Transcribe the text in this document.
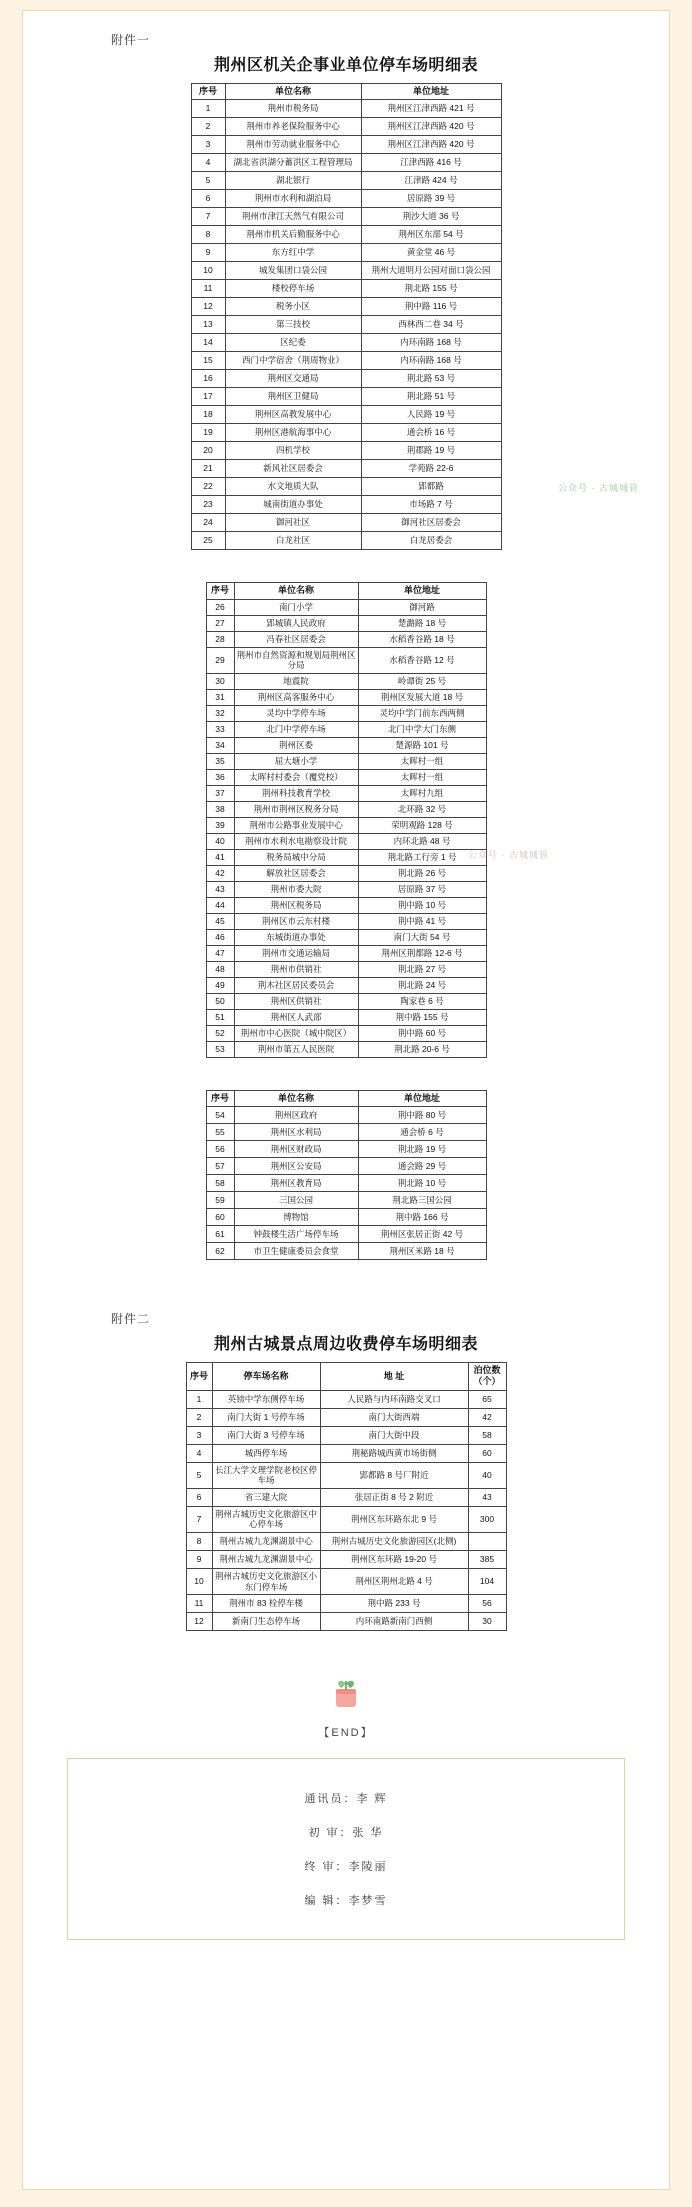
附件一
荆州区机关企事业单位停车场明细表
序号	单位名称	单位地址
1	荆州市税务局	荆州区江津西路 421 号
2	荆州市养老保险服务中心	荆州区江津西路 420 号
3	荆州市劳动就业服务中心	荆州区江津西路 420 号
4	湖北省洪湖分蓄洪区工程管理局	江津西路 416 号
5	湖北银行	江津路 424 号
6	荆州市水利和湖泊局	居原路 39 号
7	荆州市津江天然气有限公司	荆沙大道 36 号
8	荆州市机关后勤服务中心	荆州区东部 54 号
9	东方红中学	黄金堂 46 号
10	城发集团口袋公园	荆州大道明月公园对面口袋公园
11	楼校停车场	荆北路 155 号
12	税务小区	荆中路 116 号
13	第三技校	西林西二巷 34 号
14	区纪委	内环南路 168 号
15	西门中学宿舍（荆周物业）	内环南路 168 号
16	荆州区交通局	荆北路 53 号
17	荆州区卫健局	荆北路 51 号
18	荆州区高教发展中心	人民路 19 号
19	荆州区港航海事中心	通会桥 16 号
20	四机学校	荆郡路 19 号
21	新风社区居委会	学苑路 22-6
22	水文地质大队	郢都路
23	城南街道办事处	市场路 7 号
24	御河社区	御河社区居委会
25	白龙社区	白龙居委会
序号	单位名称	单位地址
26	南门小学	御河路
27	郢城镇人民政府	楚潞路 18 号
28	冯春社区居委会	水稻香谷路 18 号
29	荆州市自然资源和规划局荆州区分局	水稻香谷路 12 号
30	地震院	岭谭街 25 号
31	荆州区高客服务中心	荆州区发展大道 18 号
32	灵均中学停车场	灵均中学门前东西两侧
33	北门中学停车场	北门中学大门东侧
34	荆州区委	楚源路 101 号
35	屈大塘小学	太晖村一组
36	太晖村村委会（覆党校）	太晖村一组
37	荆州科技教育学校	太晖村九组
38	荆州市荆州区税务分局	北环路 32 号
39	荆州市公路事业发展中心	荣明观路 128 号
40	荆州市水利水电勘察设计院	内环北路 48 号
41	税务局城中分局	荆北路工行旁 1 号
42	解放社区居委会	荆北路 26 号
43	荆州市委大院	居原路 37 号
44	荆州区税务局	荆中路 10 号
45	荆州区市云东村楼	荆中路 41 号
46	东城街道办事处	南门大街 54 号
47	荆州市交通运输局	荆州区荆都路 12-6 号
48	荆州市供销社	荆北路 27 号
49	荆木社区居民委员会	荆北路 24 号
50	荆州区供销社	陶家巷 6 号
51	荆州区人武部	荆中路 155 号
52	荆州市中心医院（城中院区）	荆中路 60 号
53	荆州市第五人民医院	荆北路 20-6 号
序号	单位名称	单位地址
54	荆州区政府	荆中路 80 号
55	荆州区水利局	通会桥 6 号
56	荆州区财政局	荆北路 19 号
57	荆州区公安局	通会路 29 号
58	荆州区教育局	荆北路 10 号
59	三国公园	荆北路三国公园
60	博物馆	荆中路 166 号
61	钟鼓楼生活广场停车场	荆州区张居正街 42 号
62	市卫生健康委员会食堂	荆州区米路 18 号
附件二
荆州古城景点周边收费停车场明细表
序号	停车场名称	地 址	泊位数（个）
1	英镑中学东侧停车场	人民路与内环南路交叉口	65
2	南门大街 1 号停车场	南门大街西端	42
3	南门大街 3 号停车场	南门大街中段	58
4	城西停车场	荆秘路城西黄市场街侧	60
5	长江大学文理学院老校区停车场	郢都路 8 号厂附近	40
6	省三建大院	张居正街 8 号 2 附近	43
7	荆州古城历史文化旅游区中心停车场	荆州区东环路东北 9 号	300
8	荆州古城九龙渊湖景中心	荆州古城历史文化旅游园区(北侧)	
9	荆州古城九龙渊湖景中心	荆州区东环路 19-20 号	385
10	荆州古城历史文化旅游区小东门停车场	荆州区荆州北路 4 号	104
11	荆州市 83 栓停车楼	荆中路 233 号	56
12	新南门生态停车场	内环南路新南门西侧	30
【END】
通讯员：李 辉
初 审：张 华
终 审：李陵丽
编 辑：李梦雪
公众号 · 古城城管
公众号 · 古城城管
